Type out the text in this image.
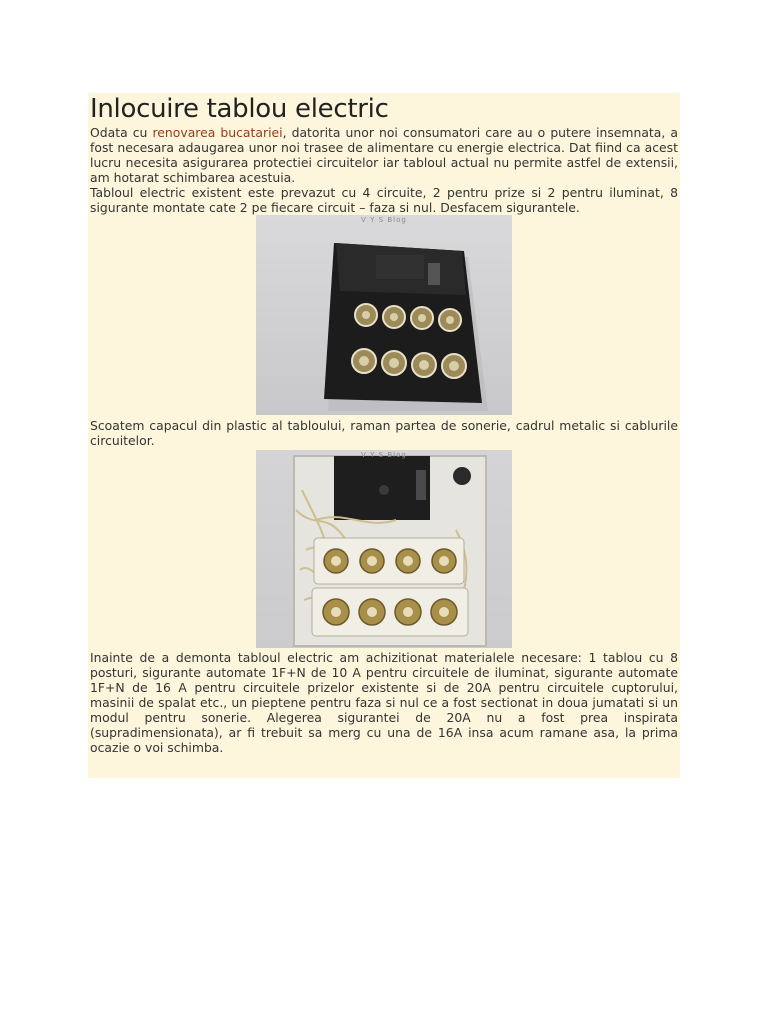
Inlocuire tablou electric

Odata cu renovarea bucatariei, datorita unor noi consumatori care au o putere insemnata, a fost necesara adaugarea unor noi trasee de alimentare cu energie electrica. Dat fiind ca acest lucru necesita asigurarea protectiei circuitelor iar tabloul actual nu permite astfel de extensii, am hotarat schimbarea acestuia.

Tabloul electric existent este prevazut cu 4 circuite, 2 pentru prize si 2 pentru iluminat, 8 sigurante montate cate 2 pe fiecare circuit – faza si nul. Desfacem sigurantele.

V Y S Blog

Scoatem capacul din plastic al tabloului, raman partea de sonerie, cadrul metalic si cablurile circuitelor.

V Y S Blog

Inainte de a demonta tabloul electric am achizitionat materialele necesare: 1 tablou cu 8 posturi, sigurante automate 1F+N de 10 A pentru circuitele de iluminat, sigurante automate 1F+N de 16 A pentru circuitele prizelor existente si de 20A pentru circuitele cuptorului, masinii de spalat etc., un pieptene pentru faza si nul ce a fost sectionat in doua jumatati si un modul pentru sonerie. Alegerea sigurantei de 20A nu a fost prea inspirata (supradimensionata), ar fi trebuit sa merg cu una de 16A insa acum ramane asa, la prima ocazie o voi schimba.
